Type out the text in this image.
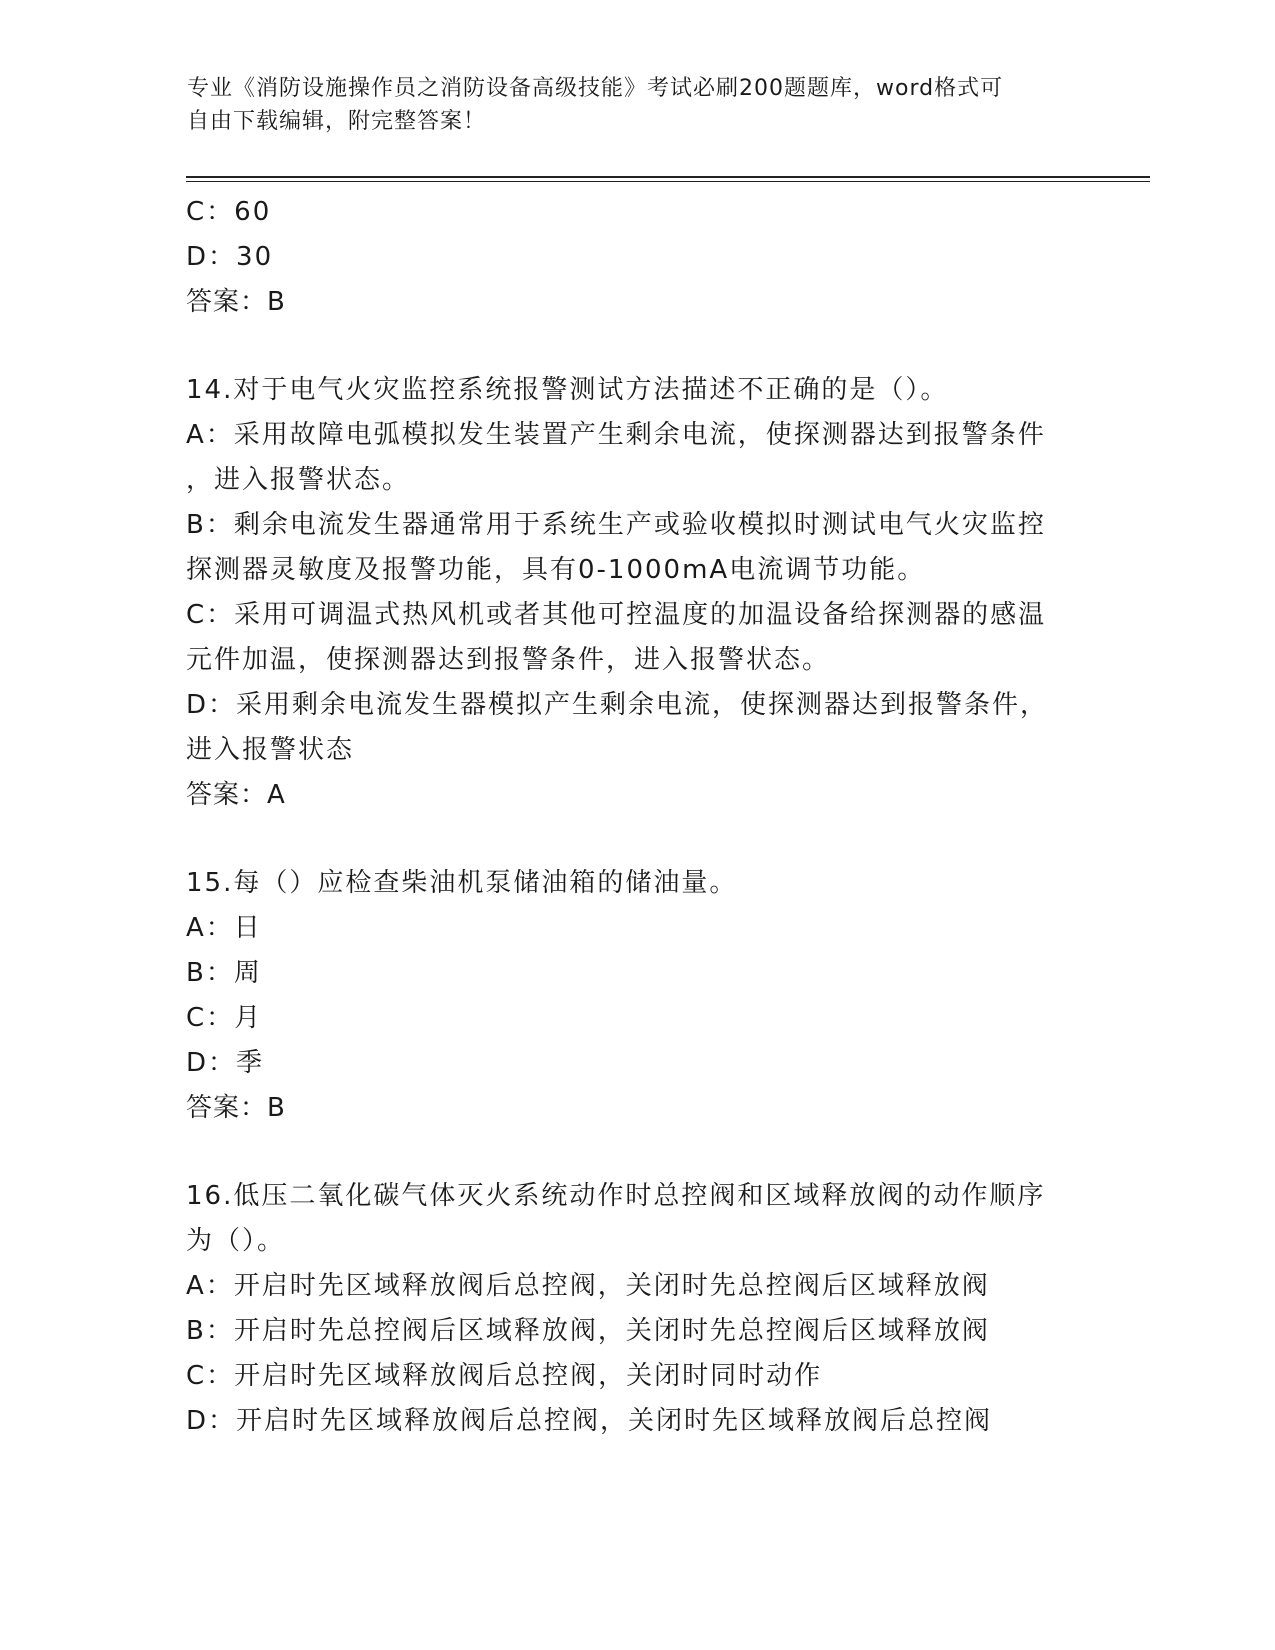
专业《消防设施操作员之消防设备高级技能》考试必刷200题题库，word格式可
自由下载编辑，附完整答案！
C：60
D：30
答案：B
14.对于电气火灾监控系统报警测试方法描述不正确的是（）。
A：采用故障电弧模拟发生装置产生剩余电流，使探测器达到报警条件
，进入报警状态。
B：剩余电流发生器通常用于系统生产或验收模拟时测试电气火灾监控
探测器灵敏度及报警功能，具有0-1000mA电流调节功能。
C：采用可调温式热风机或者其他可控温度的加温设备给探测器的感温
元件加温，使探测器达到报警条件，进入报警状态。
D：采用剩余电流发生器模拟产生剩余电流，使探测器达到报警条件，
进入报警状态
答案：A
15.每（）应检查柴油机泵储油箱的储油量。
A：日
B：周
C：月
D：季
答案：B
16.低压二氧化碳气体灭火系统动作时总控阀和区域释放阀的动作顺序
为（）。
A：开启时先区域释放阀后总控阀，关闭时先总控阀后区域释放阀
B：开启时先总控阀后区域释放阀，关闭时先总控阀后区域释放阀
C：开启时先区域释放阀后总控阀，关闭时同时动作
D：开启时先区域释放阀后总控阀，关闭时先区域释放阀后总控阀
